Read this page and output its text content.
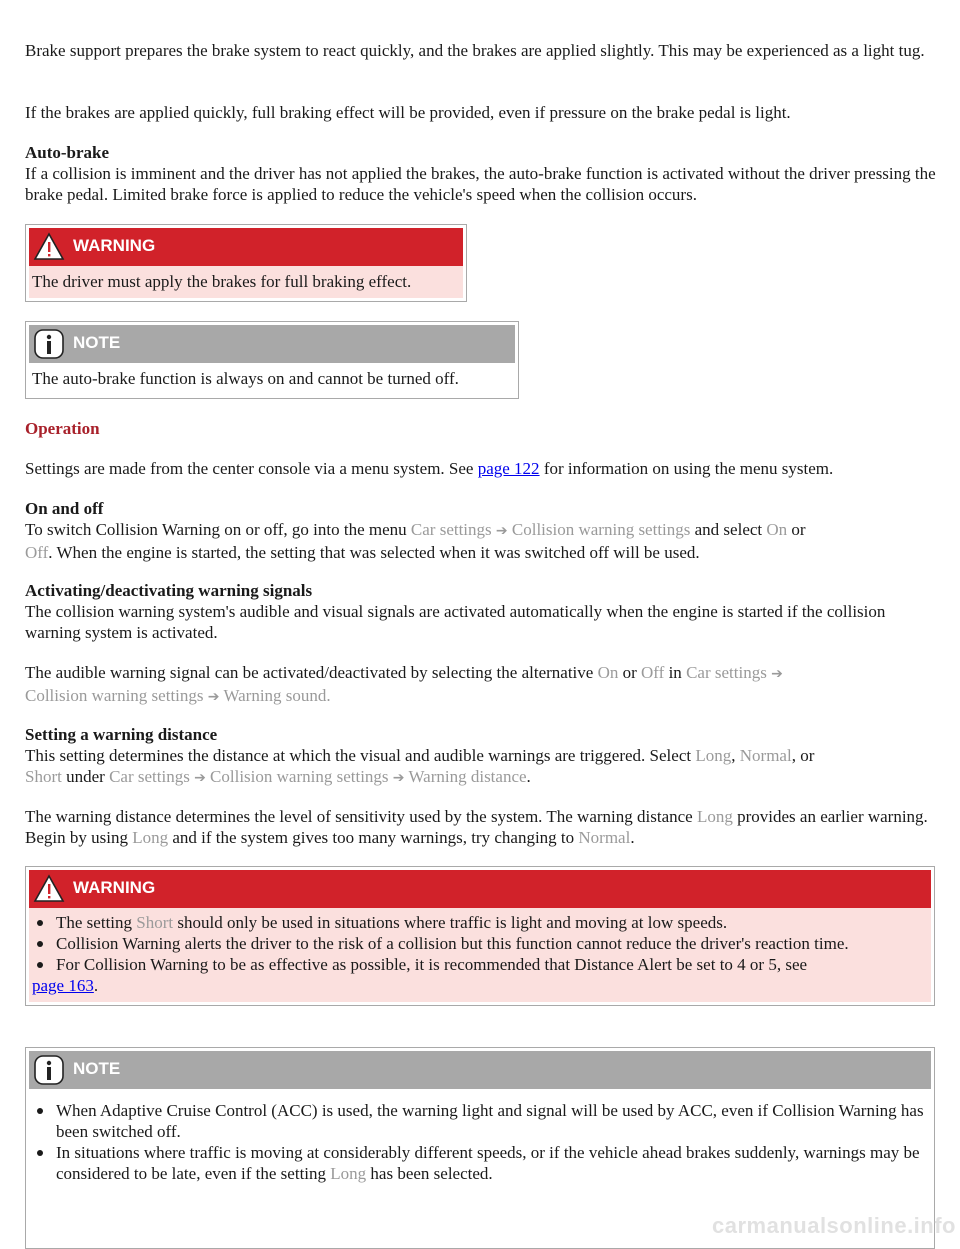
Brake support prepares the brake system to react quickly, and the brakes are applied slightly. This may be experienced as a light tug.

If the brakes are applied quickly, full braking effect will be provided, even if pressure on the brake pedal is light.

Auto-brake

If a collision is imminent and the driver has not applied the brakes, the auto-brake function is activated without the driver pressing the brake pedal. Limited brake force is applied to reduce the vehicle's speed when the collision occurs.

WARNING
The driver must apply the brakes for full braking effect.
NOTE
The auto-brake function is always on and cannot be turned off.
Operation

Settings are made from the center console via a menu system. See page 122 for information on using the menu system.

On and off

To switch Collision Warning on or off, go into the menu Car settings ➔ Collision warning settings and select On or
Off. When the engine is started, the setting that was selected when it was switched off will be used.

Activating/deactivating warning signals

The collision warning system's audible and visual signals are activated automatically when the engine is started if the collision warning system is activated.

The audible warning signal can be activated/deactivated by selecting the alternative On or Off in Car settings ➔
Collision warning settings ➔ Warning sound.

Setting a warning distance

This setting determines the distance at which the visual and audible warnings are triggered. Select Long, Normal, or
Short under Car settings ➔ Collision warning settings ➔ Warning distance.

The warning distance determines the level of sensitivity used by the system. The warning distance Long provides an earlier warning. Begin by using Long and if the system gives too many warnings, try changing to Normal.

WARNING
The setting Short should only be used in situations where traffic is light and moving at low speeds.
Collision Warning alerts the driver to the risk of a collision but this function cannot reduce the driver's reaction time.
For Collision Warning to be as effective as possible, it is recommended that Distance Alert be set to 4 or 5, see
page 163.
NOTE
When Adaptive Cruise Control (ACC) is used, the warning light and signal will be used by ACC, even if Collision Warning has been switched off.
In situations where traffic is moving at considerably different speeds, or if the vehicle ahead brakes suddenly, warnings may be considered to be late, even if the setting Long has been selected.
carmanualsonline.info
